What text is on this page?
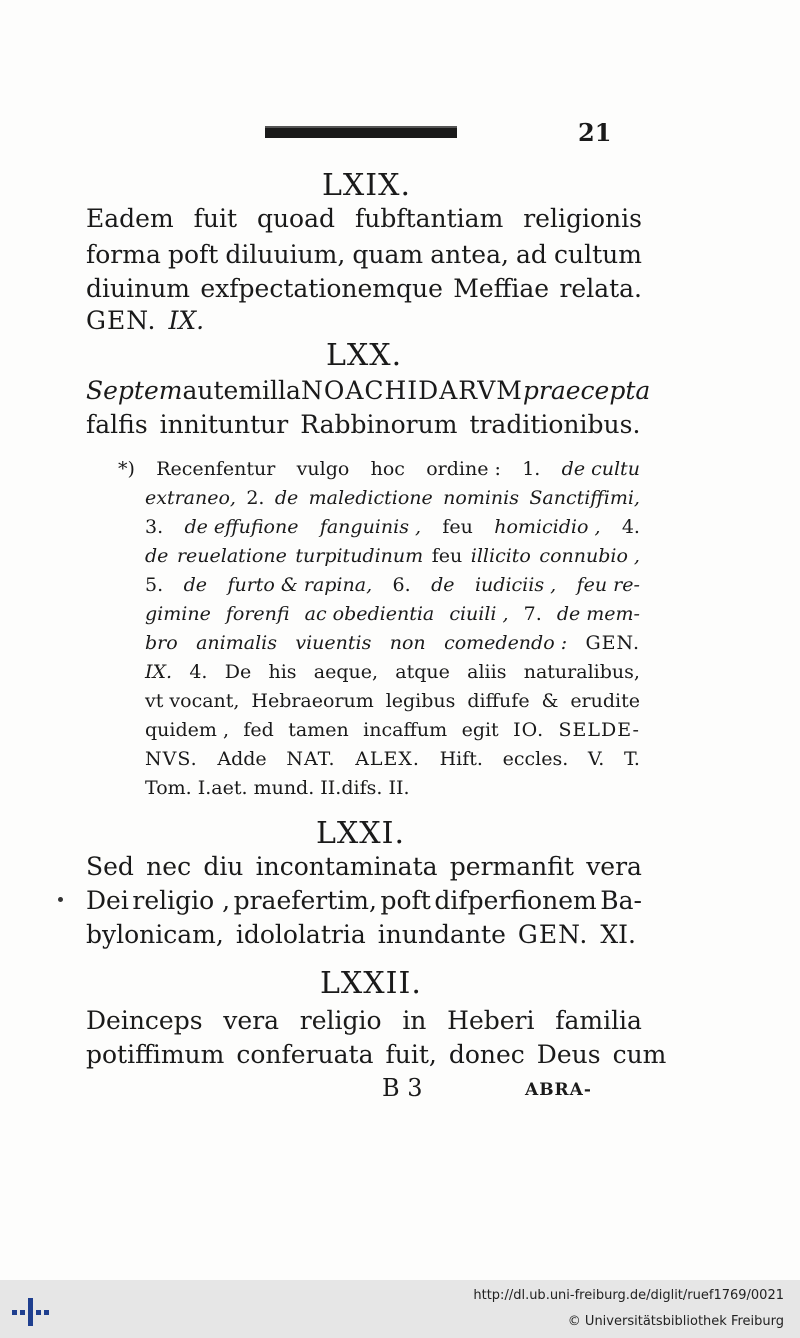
21
LXIX.
Eadem fuit quoad fubftantiam religionis
forma poft diluuium, quam antea, ad cultum
diuinum exfpectationemque Meffiae relata.
GEN. IX.
LXX.
Septem autem illa NOACHIDARVM praecepta
falfis innituntur Rabbinorum traditionibus.
*) Recenfentur vulgo hoc ordine : 1. de cultu
extraneo, 2. de maledictione nominis Sanctiffimi,
3. de effufione fanguinis , feu homicidio , 4.
de reuelatione turpitudinum feu illicito connubio ,
5. de furto & rapina, 6. de iudiciis , feu re-
gimine forenfi ac obedientia ciuili , 7. de mem-
bro animalis viuentis non comedendo : GEN.
IX. 4. De his aeque, atque aliis naturalibus,
vt vocant, Hebraeorum legibus diffufe & erudite
quidem , fed tamen incaffum egit IO. SELDE-
NVS. Adde NAT. ALEX. Hift. eccles. V. T.
Tom. I. aet. mund. II. difs. II.
LXXI.
Sed nec diu incontaminata permanfit vera
Dei religio , praefertim, poft difperfionem Ba-
bylonicam, idololatria inundante GEN. XI.
LXXII.
Deinceps vera religio in Heberi familia
potiffimum conferuata fuit, donec Deus cum
B 3	ABRA-
http://dl.ub.uni-freiburg.de/diglit/ruef1769/0021
© Universitätsbibliothek Freiburg
